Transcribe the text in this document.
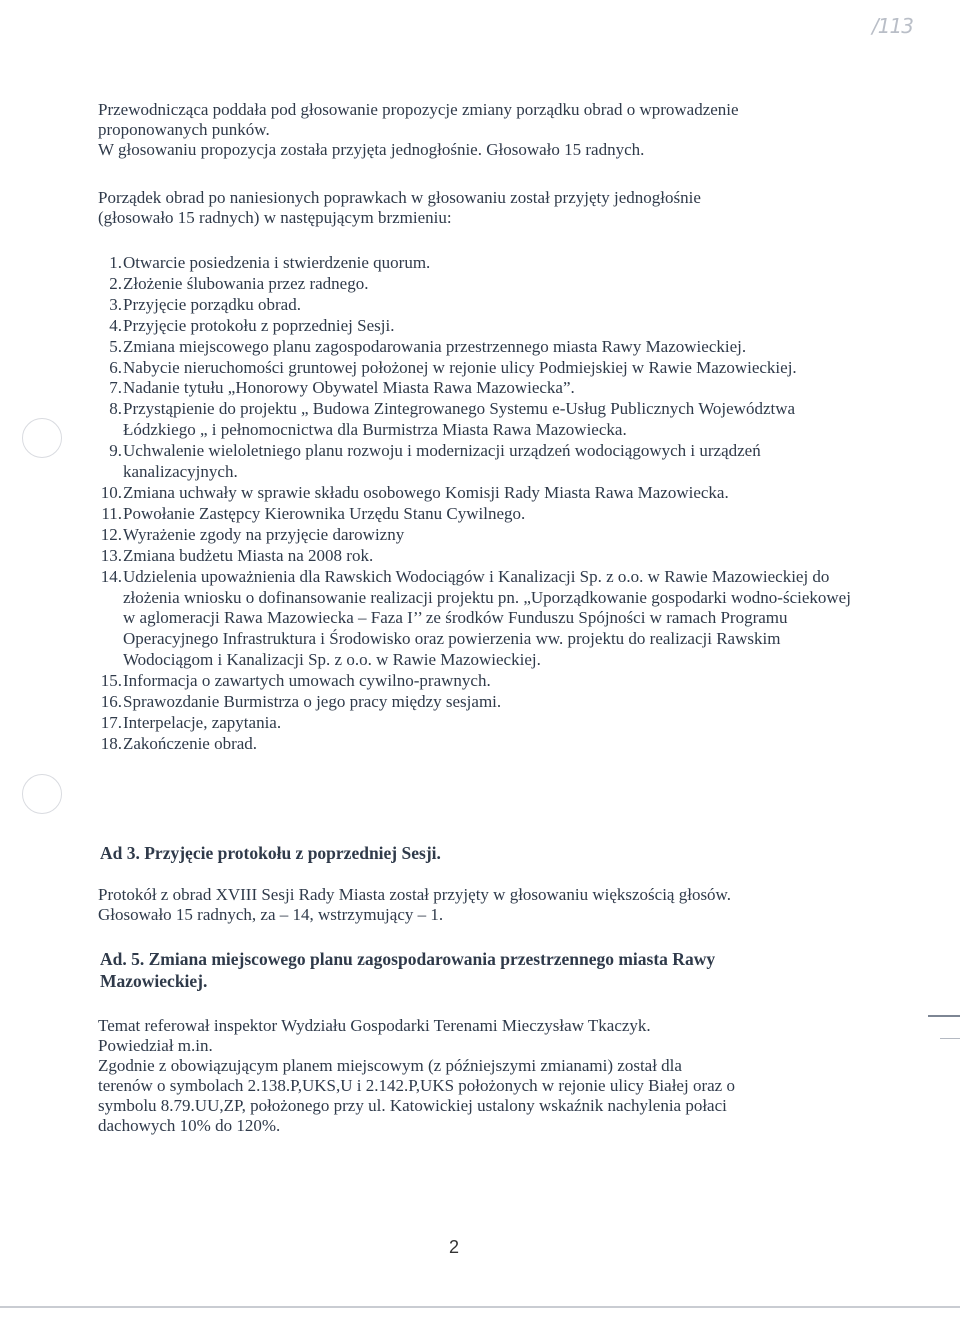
/113
Przewodnicząca poddała pod głosowanie propozycje zmiany porządku obrad o wprowadzenie
proponowanych punków.
W głosowaniu propozycja została przyjęta jednogłośnie. Głosowało 15 radnych.
Porządek obrad po naniesionych poprawkach w głosowaniu został przyjęty jednogłośnie
(głosowało 15 radnych) w następującym brzmieniu:
1. Otwarcie posiedzenia i stwierdzenie quorum.
2. Złożenie ślubowania przez radnego.
3. Przyjęcie porządku obrad.
4. Przyjęcie protokołu z poprzedniej Sesji.
5. Zmiana miejscowego planu zagospodarowania przestrzennego miasta Rawy Mazowieckiej.
6. Nabycie nieruchomości gruntowej położonej w rejonie ulicy Podmiejskiej w Rawie Mazowieckiej.
7. Nadanie tytułu „Honorowy Obywatel Miasta Rawa Mazowiecka”.
8. Przystąpienie do projektu „ Budowa Zintegrowanego Systemu e-Usług Publicznych Województwa Łódzkiego „ i pełnomocnictwa dla Burmistrza Miasta Rawa Mazowiecka.
9. Uchwalenie wieloletniego planu rozwoju i modernizacji urządzeń wodociągowych i urządzeń kanalizacyjnych.
10. Zmiana uchwały w sprawie składu osobowego Komisji Rady Miasta Rawa Mazowiecka.
11. Powołanie Zastępcy Kierownika Urzędu Stanu Cywilnego.
12. Wyrażenie zgody na przyjęcie darowizny
13. Zmiana budżetu Miasta na 2008 rok.
14. Udzielenia upoważnienia dla Rawskich Wodociągów i Kanalizacji Sp. z o.o. w Rawie Mazowieckiej do złożenia wniosku o dofinansowanie realizacji projektu pn. „Uporządkowanie gospodarki wodno-ściekowej w aglomeracji Rawa Mazowiecka – Faza I’’ ze środków Funduszu Spójności w ramach Programu Operacyjnego Infrastruktura i Środowisko oraz powierzenia ww. projektu do realizacji Rawskim Wodociągom i Kanalizacji Sp. z o.o. w Rawie Mazowieckiej.
15. Informacja o zawartych umowach cywilno-prawnych.
16. Sprawozdanie Burmistrza o jego pracy między sesjami.
17. Interpelacje, zapytania.
18. Zakończenie obrad.
Ad 3. Przyjęcie protokołu z poprzedniej Sesji.
Protokół z obrad XVIII Sesji Rady Miasta został przyjęty w głosowaniu większością głosów.
Głosowało 15 radnych, za – 14, wstrzymujący – 1.
Ad. 5. Zmiana miejscowego planu zagospodarowania przestrzennego miasta Rawy
Mazowieckiej.
Temat referował inspektor Wydziału Gospodarki Terenami Mieczysław Tkaczyk.
Powiedział m.in.
Zgodnie z obowiązującym planem miejscowym (z późniejszymi zmianami) został dla
terenów o symbolach 2.138.P,UKS,U i 2.142.P,UKS położonych w rejonie ulicy Białej oraz o
symbolu 8.79.UU,ZP, położonego przy ul. Katowickiej ustalony wskaźnik nachylenia połaci
dachowych 10% do 120%.
2
